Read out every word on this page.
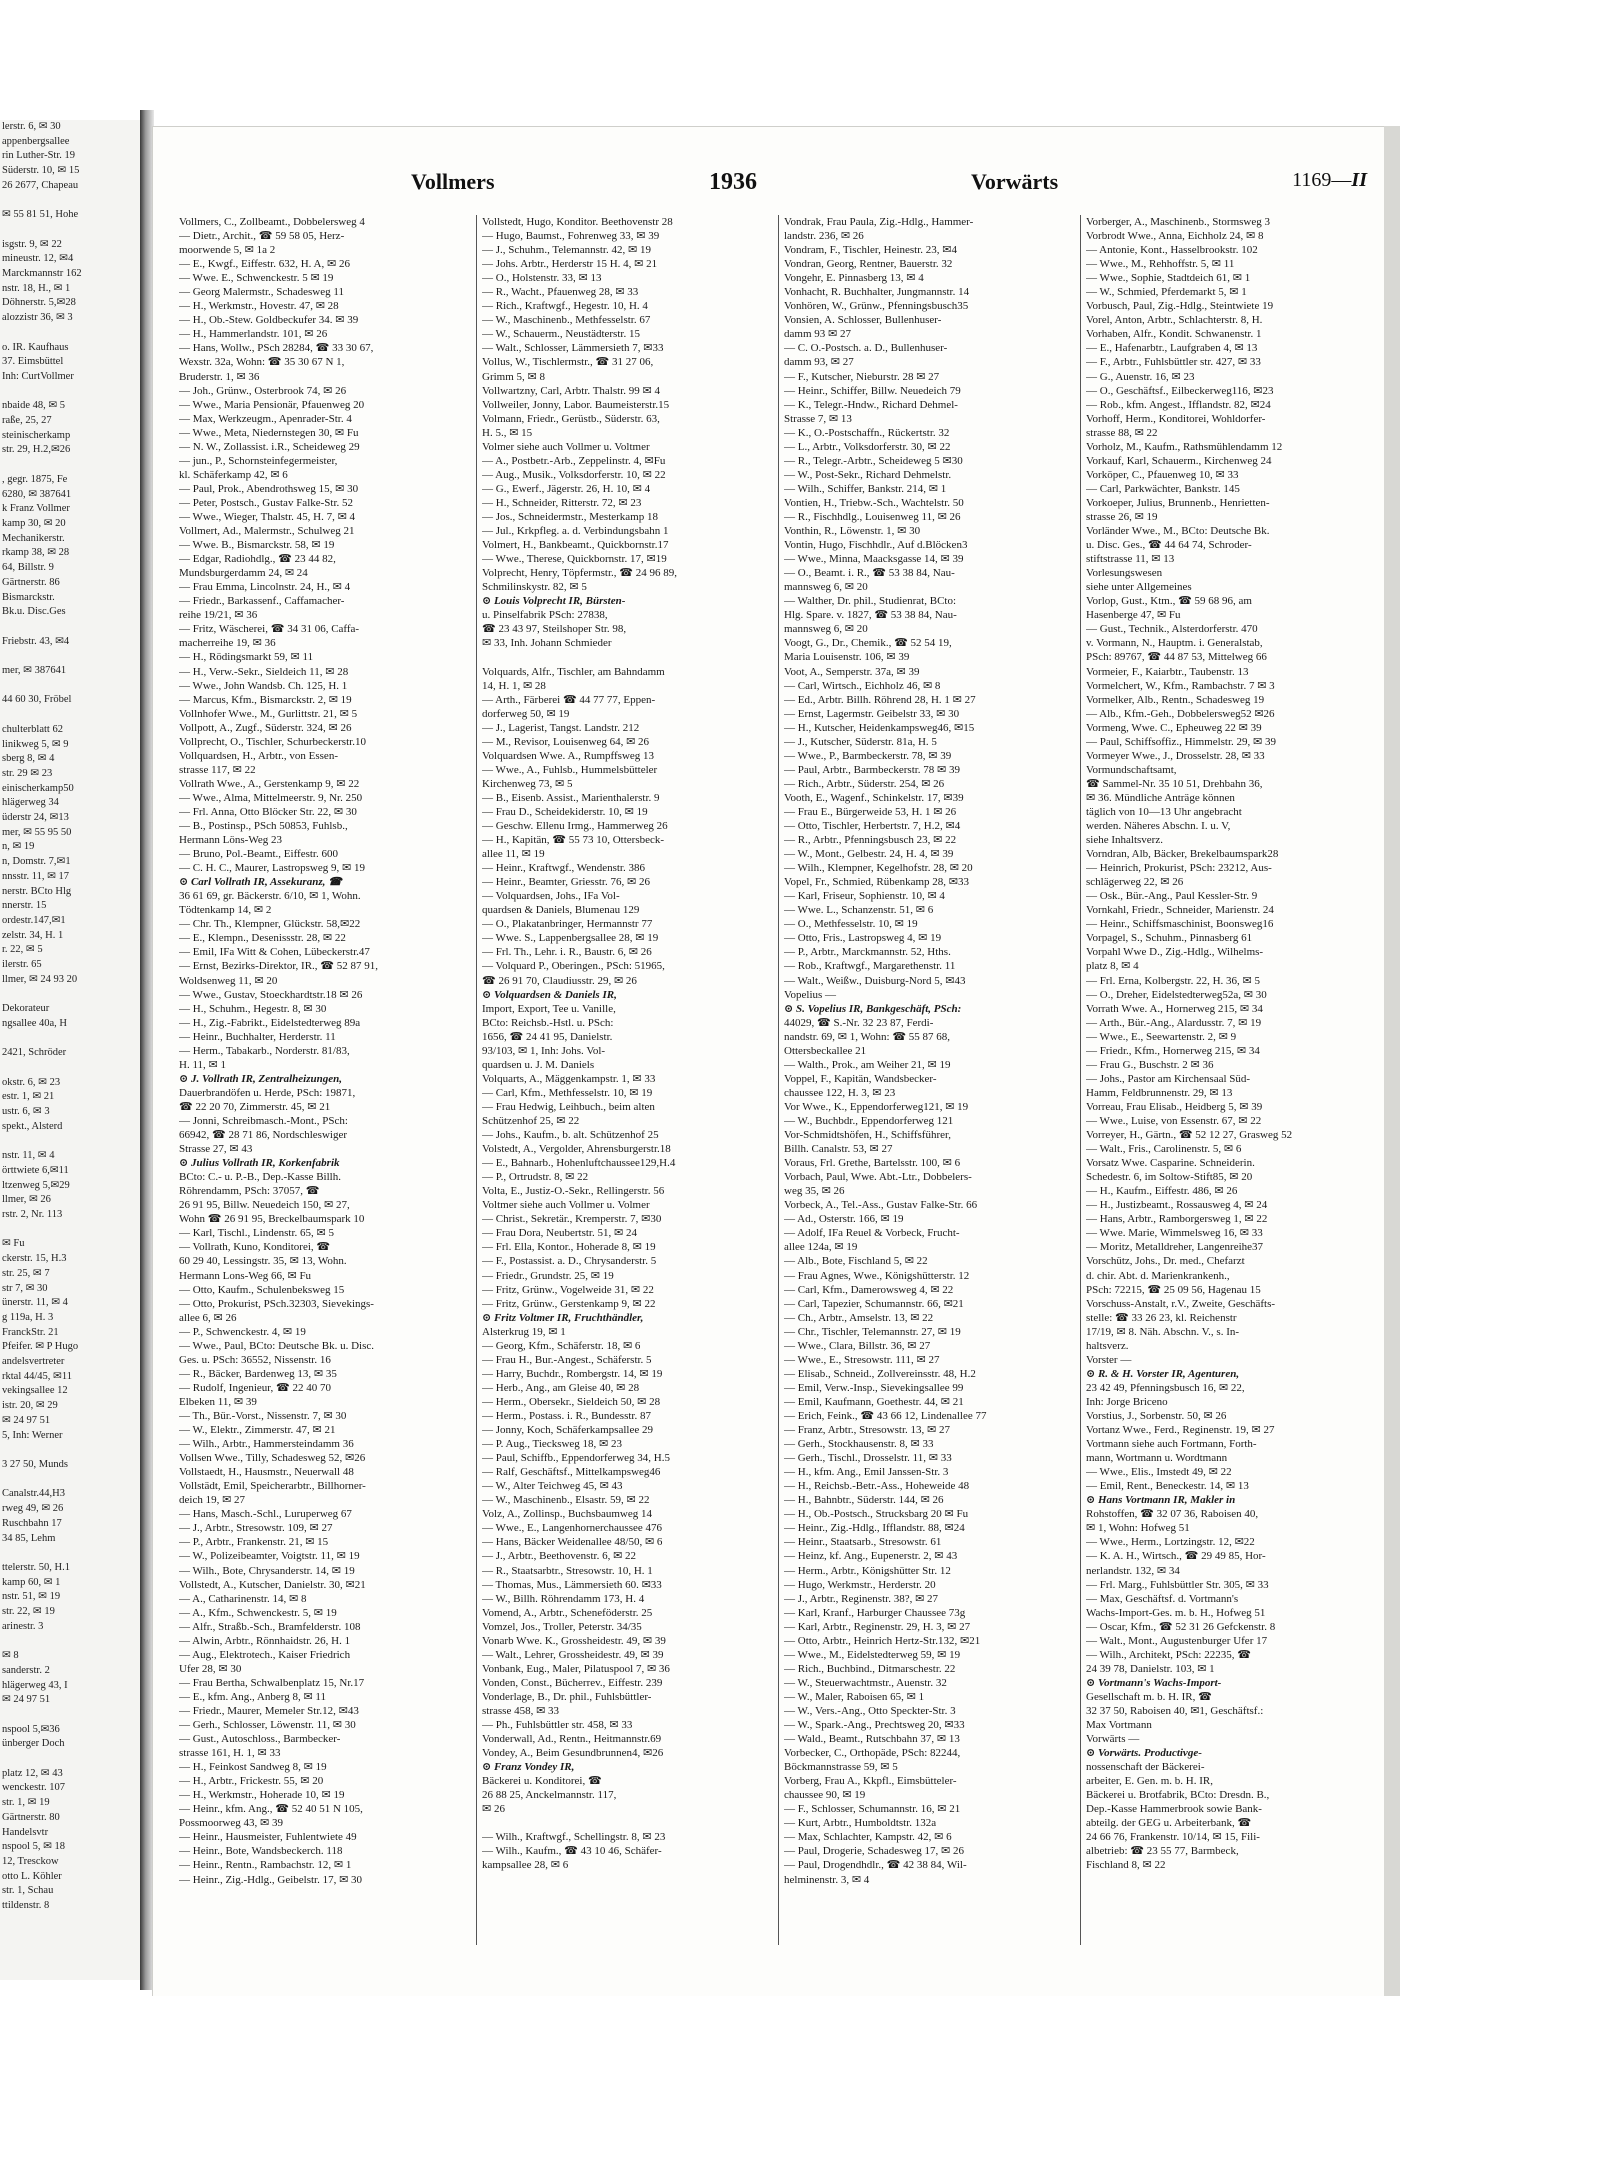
lerstr. 6, ✉ 30
appenbergsallee
rin Luther-Str. 19
Süderstr. 10, ✉ 15
26 2677, Chapeau

✉ 55 81 51, Hohe

isgstr. 9, ✉ 22
mineustr. 12, ✉4
Marckmannstr 162
nstr. 18, H., ✉ 1
Döhnerstr. 5,✉28
alozzistr 36, ✉ 3

o. IR. Kaufhaus
37. Eimsbüttel
Inh: CurtVollmer

nbaide 48, ✉ 5
raße, 25, 27
steinischerkamp
str. 29, H.2,✉26

, gegr. 1875, Fe
6280, ✉ 387641
k Franz Vollmer
kamp 30, ✉ 20
Mechanikerstr.
rkamp 38, ✉ 28
64, Billstr. 9
Gärtnerstr. 86
Bismarckstr.
Bk.u. Disc.Ges

Friebstr. 43, ✉4

mer, ✉ 387641

44 60 30, Fröbel

chulterblatt 62
linikweg 5, ✉ 9
sberg 8, ✉ 4
str. 29 ✉ 23
einischerkamp50
hlägerweg 34
üderstr 24, ✉13
mer, ✉ 55 95 50
n, ✉ 19
n, Domstr. 7,✉1
nnsstr. 11, ✉ 17
nerstr. BCto Hlg
nnerstr. 15
ordestr.147,✉1
zelstr. 34, H. 1
r. 22, ✉ 5
ilerstr. 65
llmer, ✉ 24 93 20

Dekorateur
ngsallee 40a, H

2421, Schröder

okstr. 6, ✉ 23
estr. 1, ✉ 21
ustr. 6, ✉ 3
spekt., Alsterd

nstr. 11, ✉ 4
örttwiete 6,✉11
ltzenweg 5,✉29
llmer, ✉ 26
rstr. 2, Nr. 113

✉ Fu
ckerstr. 15, H.3
str. 25, ✉ 7
str 7, ✉ 30
ünerstr. 11, ✉ 4
g 119a, H. 3
FranckStr. 21
Pfeifer. ✉ P Hugo
andelsvertreter
rktal 44/45, ✉11
vekingsallee 12
istr. 20, ✉ 29
✉ 24 97 51
5, Inh: Werner

3 27 50, Munds

Canalstr.44,H3
rweg 49, ✉ 26
Ruschbahn 17
34 85, Lehm

ttelerstr. 50, H.1
kamp 60, ✉ 1
nstr. 51, ✉ 19
str. 22, ✉ 19
arinestr. 3

✉ 8
sanderstr. 2
hlägerweg 43, I
✉ 24 97 51

nspool 5,✉36
ünberger Doch

platz 12, ✉ 43
wenckestr. 107
str. 1, ✉ 19
Gärtnerstr. 80
Handelsvtr
nspool 5, ✉ 18
12, Tresckow
otto L. Köhler
str. 1, Schau
ttildenstr. 8
Vollmers	1936	Vorwärts	1169—II
Vollmers, C., Zollbeamt., Dobbelersweg 4
— Dietr., Archit., ☎ 59 58 05, Herz-
moorwende 5, ✉ 1a 2
— E., Kwgf., Eiffestr. 632, H. A, ✉ 26
— Wwe. E., Schwenckestr. 5 ✉ 19
— Georg Malermstr., Schadesweg 11
— H., Werkmstr., Hovestr. 47, ✉ 28
— H., Ob.-Stew. Goldbeckufer 34. ✉ 39
— H., Hammerlandstr. 101, ✉ 26
— Hans, Wollw., PSch 28284, ☎ 33 30 67,
Wexstr. 32a, Wohn: ☎ 35 30 67 N 1,
Bruderstr. 1, ✉ 36
— Joh., Grünw., Osterbrook 74, ✉ 26
— Wwe., Maria Pensionär, Pfauenweg 20
— Max, Werkzeugm., Apenrader-Str. 4
— Wwe., Meta, Niedernstegen 30, ✉ Fu
— N. W., Zollassist. i.R., Scheideweg 29
— jun., P., Schornsteinfegermeister,
kl. Schäferkamp 42, ✉ 6
— Paul, Prok., Abendrothsweg 15, ✉ 30
— Peter, Postsch., Gustav Falke-Str. 52
— Wwe., Wieger, Thalstr. 45, H. 7, ✉ 4
Vollmert, Ad., Malermstr., Schulweg 21
— Wwe. B., Bismarckstr. 58, ✉ 19
— Edgar, Radiohdlg., ☎ 23 44 82,
Mundsburgerdamm 24, ✉ 24
— Frau Emma, Lincolnstr. 24, H., ✉ 4
— Friedr., Barkassenf., Caffamacher-
reihe 19/21, ✉ 36
— Fritz, Wäscherei, ☎ 34 31 06, Caffa-
macherreihe 19, ✉ 36
— H., Rödingsmarkt 59, ✉ 11
— H., Verw.-Sekr., Sieldeich 11, ✉ 28
— Wwe., John Wandsb. Ch. 125, H. 1
— Marcus, Kfm., Bismarckstr. 2, ✉ 19
Vollnhofer Wwe., M., Gurlittstr. 21, ✉ 5
Vollpott, A., Zugf., Süderstr. 324, ✉ 26
Vollprecht, O., Tischler, Schurbeckerstr.10
Vollquardsen, H., Arbtr., von Essen-
strasse 117, ✉ 22
Vollrath Wwe., A., Gerstenkamp 9, ✉ 22
— Wwe., Alma, Mittelmeerstr. 9, Nr. 250
— Frl. Anna, Otto Blöcker Str. 22, ✉ 30
— B., Postinsp., PSch 50853, Fuhlsb.,
Hermann Löns-Weg 23
— Bruno, Pol.-Beamt., Eiffestr. 600
— C. H. C., Maurer, Lastropsweg 9, ✉ 19
⊙ Carl Vollrath IR, Assekuranz, ☎
36 61 69, gr. Bäckerstr. 6/10, ✉ 1, Wohn.
Tödtenkamp 14, ✉ 2
— Chr. Th., Klempner, Glückstr. 58,✉22
— E., Klempn., Desenissstr. 28, ✉ 22
— Emil, IFa Witt & Cohen, Lübeckerstr.47
— Ernst, Bezirks-Direktor, IR., ☎ 52 87 91,
Woldsenweg 11, ✉ 20
— Wwe., Gustav, Stoeckhardtstr.18 ✉ 26
— H., Schuhm., Hegestr. 8, ✉ 30
— H., Zig.-Fabrikt., Eidelstedterweg 89a
— Heinr., Buchhalter, Herderstr. 11
— Herm., Tabakarb., Norderstr. 81/83,
H. 11, ✉ 1
⊙ J. Vollrath IR, Zentralheizungen,
Dauerbrandöfen u. Herde, PSch: 19871,
☎ 22 20 70, Zimmerstr. 45, ✉ 21
— Jonni, Schreibmasch.-Mont., PSch:
66942, ☎ 28 71 86, Nordschleswiger
Strasse 27, ✉ 43
⊙ Julius Vollrath IR, Korkenfabrik
BCto: C.- u. P.-B., Dep.-Kasse Billh.
Röhrendamm, PSch: 37057, ☎
26 91 95, Billw. Neuedeich 150, ✉ 27,
Wohn ☎ 26 91 95, Breckelbaumspark 10
— Karl, Tischl., Lindenstr. 65, ✉ 5
— Vollrath, Kuno, Konditorei, ☎
60 29 40, Lessingstr. 35, ✉ 13, Wohn.
Hermann Lons-Weg 66, ✉ Fu
— Otto, Kaufm., Schulenbeksweg 15
— Otto, Prokurist, PSch.32303, Sievekings-
allee 6, ✉ 26
— P., Schwenckestr. 4, ✉ 19
— Wwe., Paul, BCto: Deutsche Bk. u. Disc.
Ges. u. PSch: 36552, Nissenstr. 16
— R., Bäcker, Bardenweg 13, ✉ 35
— Rudolf, Ingenieur, ☎ 22 40 70
Elbeken 11, ✉ 39
— Th., Bür.-Vorst., Nissenstr. 7, ✉ 30
— W., Elektr., Zimmerstr. 47, ✉ 21
— Wilh., Arbtr., Hammersteindamm 36
Vollsen Wwe., Tilly, Schadesweg 52, ✉26
Vollstaedt, H., Hausmstr., Neuerwall 48
Vollstädt, Emil, Speicherarbtr., Billhorner-
deich 19, ✉ 27
— Hans, Masch.-Schl., Luruperweg 67
— J., Arbtr., Stresowstr. 109, ✉ 27
— P., Arbtr., Frankenstr. 21, ✉ 15
— W., Polizeibeamter, Voigtstr. 11, ✉ 19
— Wilh., Bote, Chrysanderstr. 14, ✉ 19
Vollstedt, A., Kutscher, Danielstr. 30, ✉21
— A., Catharinenstr. 14, ✉ 8
— A., Kfm., Schwenckestr. 5, ✉ 19
— Alfr., Straßb.-Sch., Bramfelderstr. 108
— Alwin, Arbtr., Rönnhaidstr. 26, H. 1
— Aug., Elektrotech., Kaiser Friedrich
Ufer 28, ✉ 30
— Frau Bertha, Schwalbenplatz 15, Nr.17
— E., kfm. Ang., Anberg 8, ✉ 11
— Friedr., Maurer, Memeler Str.12, ✉43
— Gerh., Schlosser, Löwenstr. 11, ✉ 30
— Gust., Autoschloss., Barmbecker-
strasse 161, H. 1, ✉ 33
— H., Feinkost Sandweg 8, ✉ 19
— H., Arbtr., Frickestr. 55, ✉ 20
— H., Werkmstr., Hoherade 10, ✉ 19
— Heinr., kfm. Ang., ☎ 52 40 51 N 105,
Possmoorweg 43, ✉ 39
— Heinr., Hausmeister, Fuhlentwiete 49
— Heinr., Bote, Wandsbeckerch. 118
— Heinr., Rentn., Rambachstr. 12, ✉ 1
— Heinr., Zig.-Hdlg., Geibelstr. 17, ✉ 30
Vollstedt, Hugo, Konditor. Beethovenstr 28
— Hugo, Baumst., Fohrenweg 33, ✉ 39
— J., Schuhm., Telemannstr. 42, ✉ 19
— Johs. Arbtr., Herderstr 15 H. 4, ✉ 21
— O., Holstenstr. 33, ✉ 13
— R., Wacht., Pfauenweg 28, ✉ 33
— Rich., Kraftwgf., Hegestr. 10, H. 4
— W., Maschinenb., Methfesselstr. 67
— W., Schauerm., Neustädterstr. 15
— Walt., Schlosser, Lämmersieth 7, ✉33
Vollus, W., Tischlermstr., ☎ 31 27 06,
Grimm 5, ✉ 8
Vollwartzny, Carl, Arbtr. Thalstr. 99 ✉ 4
Vollweiler, Jonny, Labor. Baumeisterstr.15
Volmann, Friedr., Gerüstb., Süderstr. 63,
H. 5., ✉ 15
Volmer siehe auch Vollmer u. Voltmer
— A., Postbetr.-Arb., Zeppelinstr. 4, ✉Fu
— Aug., Musik., Volksdorferstr. 10, ✉ 22
— G., Ewerf., Jägerstr. 26, H. 10, ✉ 4
— H., Schneider, Ritterstr. 72, ✉ 23
— Jos., Schneidermstr., Mesterkamp 18
— Jul., Krkpfleg. a. d. Verbindungsbahn 1
Volmert, H., Bankbeamt., Quickbornstr.17
— Wwe., Therese, Quickbornstr. 17, ✉19
Volprecht, Henry, Töpfermstr., ☎ 24 96 89,
Schmilinskystr. 82, ✉ 5
⊙ Louis Volprecht IR, Bürsten-
u. Pinselfabrik PSch: 27838,
☎ 23 43 97, Steilshoper Str. 98,
✉ 33, Inh. Johann Schmieder

Volquards, Alfr., Tischler, am Bahndamm
14, H. 1, ✉ 28
— Arth., Färberei ☎ 44 77 77, Eppen-
dorferweg 50, ✉ 19
— J., Lagerist, Tangst. Landstr. 212
— M., Revisor, Louisenweg 64, ✉ 26
Volquardsen Wwe. A., Rumpffsweg 13
— Wwe., A., Fuhlsb., Hummelsbütteler
Kirchenweg 73, ✉ 5
— B., Eisenb. Assist., Marienthalerstr. 9
— Frau D., Scheidekiderstr. 10, ✉ 19
— Geschw. Ellenu Irmg., Hammerweg 26
— H., Kapitän, ☎ 55 73 10, Ottersbeck-
allee 11, ✉ 19
— Heinr., Kraftwgf., Wendenstr. 386
— Heinr., Beamter, Griesstr. 76, ✉ 26
— Volquardsen, Johs., IFa Vol-
quardsen & Daniels, Blumenau 129
— O., Plakatanbringer, Hermannstr 77
— Wwe. S., Lappenbergsallee 28, ✉ 19
— Frl. Th., Lehr. i. R., Baustr. 6, ✉ 26
— Volquard P., Oberingen., PSch: 51965,
☎ 26 91 70, Claudiusstr. 29, ✉ 26
⊙ Volquardsen & Daniels IR,
Import, Export, Tee u. Vanille,
BCto: Reichsb.-Hstl. u. PSch:
1656, ☎ 24 41 95, Danielstr.
93/103, ✉ 1, Inh: Johs. Vol-
quardsen u. J. M. Daniels
Volquarts, A., Mäggenkampstr. 1, ✉ 33
— Carl, Kfm., Methfesselstr. 10, ✉ 19
— Frau Hedwig, Leihbuch., beim alten
Schützenhof 25, ✉ 22
— Johs., Kaufm., b. alt. Schützenhof 25
Volstedt, A., Vergolder, Ahrensburgerstr.18
— E., Bahnarb., Hohenluftchaussee129,H.4
— P., Ortrudstr. 8, ✉ 22
Volta, E., Justiz-O.-Sekr., Rellingerstr. 56
Voltmer siehe auch Vollmer u. Volmer
— Christ., Sekretär., Kremperstr. 7, ✉30
— Frau Dora, Neubertstr. 51, ✉ 24
— Frl. Ella, Kontor., Hoherade 8, ✉ 19
— F., Postassist. a. D., Chrysanderstr. 5
— Friedr., Grundstr. 25, ✉ 19
— Fritz, Grünw., Vogelweide 31, ✉ 22
— Fritz, Grünw., Gerstenkamp 9, ✉ 22
⊙ Fritz Voltmer IR, Fruchthändler,
Alsterkrug 19, ✉ 1
— Georg, Kfm., Schäferstr. 18, ✉ 6
— Frau H., Bur.-Angest., Schäferstr. 5
— Harry, Buchdr., Rombergstr. 14, ✉ 19
— Herb., Ang., am Gleise 40, ✉ 28
— Herm., Obersekr., Sieldeich 50, ✉ 28
— Herm., Postass. i. R., Bundesstr. 87
— Jonny, Koch, Schäferkampsallee 29
— P. Aug., Tiecksweg 18, ✉ 23
— Paul, Schiffb., Eppendorferweg 34, H.5
— Ralf, Geschäftsf., Mittelkampsweg46
— W., Alter Teichweg 45, ✉ 43
— W., Maschinenb., Elsastr. 59, ✉ 22
Volz, A., Zollinsp., Buchsbaumweg 14
— Wwe., E., Langenhornerchaussee 476
— Hans, Bäcker Weidenallee 48/50, ✉ 6
— J., Arbtr., Beethovenstr. 6, ✉ 22
— R., Staatsarbtr., Stresowstr. 10, H. 1
— Thomas, Mus., Lämmersieth 60. ✉33
— W., Billh. Röhrendamm 173, H. 4
Vomend, A., Arbtr., Scheneföderstr. 25
Vomzel, Jos., Troller, Peterstr. 34/35
Vonarb Wwe. K., Grossheidestr. 49, ✉ 39
— Walt., Lehrer, Grossheidestr. 49, ✉ 39
Vonbank, Eug., Maler, Pilatuspool 7, ✉ 36
Vonden, Const., Bücherrev., Eiffestr. 239
Vonderlage, B., Dr. phil., Fuhlsbüttler-
strasse 458, ✉ 33
— Ph., Fuhlsbüttler str. 458, ✉ 33
Vonderwall, Ad., Rentn., Heitmannstr.69
Vondey, A., Beim Gesundbrunnen4, ✉26
⊙ Franz Vondey IR,
Bäckerei u. Konditorei, ☎
26 88 25, Anckelmannstr. 117,
✉ 26

— Wilh., Kraftwgf., Schellingstr. 8, ✉ 23
— Wilh., Kaufm., ☎ 43 10 46, Schäfer-
kampsallee 28, ✉ 6
Vondrak, Frau Paula, Zig.-Hdlg., Hammer-
landstr. 236, ✉ 26
Vondram, F., Tischler, Heinestr. 23, ✉4
Vondran, Georg, Rentner, Bauerstr. 32
Vongehr, E. Pinnasberg 13, ✉ 4
Vonhacht, R. Buchhalter, Jungmannstr. 14
Vonhören, W., Grünw., Pfenningsbusch35
Vonsien, A. Schlosser, Bullenhuser-
damm 93 ✉ 27
— C. O.-Postsch. a. D., Bullenhuser-
damm 93, ✉ 27
— F., Kutscher, Nieburstr. 28 ✉ 27
— Heinr., Schiffer, Billw. Neuedeich 79
— K., Telegr.-Hndw., Richard Dehmel-
Strasse 7, ✉ 13
— K., O.-Postschaffn., Rückertstr. 32
— L., Arbtr., Volksdorferstr. 30, ✉ 22
— R., Telegr.-Arbtr., Scheideweg 5 ✉30
— W., Post-Sekr., Richard Dehmelstr.
— Wilh., Schiffer, Bankstr. 214, ✉ 1
Vontien, H., Triebw.-Sch., Wachtelstr. 50
— R., Fischhdlg., Louisenweg 11, ✉ 26
Vonthin, R., Löwenstr. 1, ✉ 30
Vontin, Hugo, Fischhdlr., Auf d.Blöcken3
— Wwe., Minna, Maacksgasse 14, ✉ 39
— O., Beamt. i. R., ☎ 53 38 84, Nau-
mannsweg 6, ✉ 20
— Walther, Dr. phil., Studienrat, BCto:
Hlg. Spare. v. 1827, ☎ 53 38 84, Nau-
mannsweg 6, ✉ 20
Voogt, G., Dr., Chemik., ☎ 52 54 19,
Maria Louisenstr. 106, ✉ 39
Voot, A., Semperstr. 37a, ✉ 39
— Carl, Wirtsch., Eichholz 46, ✉ 8
— Ed., Arbtr. Billh. Röhrend 28, H. 1 ✉ 27
— Ernst, Lagermstr. Geibelstr 33, ✉ 30
— H., Kutscher, Heidenkampsweg46, ✉15
— J., Kutscher, Süderstr. 81a, H. 5
— Wwe., P., Barmbeckerstr. 78, ✉ 39
— Paul, Arbtr., Barmbeckerstr. 78 ✉ 39
— Rich., Arbtr., Süderstr. 254, ✉ 26
Vooth, E., Wagenf., Schinkelstr. 17, ✉39
— Frau E., Bürgerweide 53, H. 1 ✉ 26
— Otto, Tischler, Herbertstr. 7, H.2, ✉4
— R., Arbtr., Pfenningsbusch 23, ✉ 22
— W., Mont., Gelbestr. 24, H. 4, ✉ 39
— Wilh., Klempner, Kegelhofstr. 28, ✉ 20
Vopel, Fr., Schmied, Rübenkamp 28, ✉33
— Karl, Friseur, Sophienstr. 10, ✉ 4
— Wwe. L., Schanzenstr. 51, ✉ 6
— O., Methfesselstr. 10, ✉ 19
— Otto, Fris., Lastropsweg 4, ✉ 19
— P., Arbtr., Marckmannstr. 52, Hths.
— Rob., Kraftwgf., Margarethenstr. 11
— Walt., Weißw., Duisburg-Nord 5, ✉43
Vopelius —
⊙ S. Vopelius IR, Bankgeschäft, PSch:
44029, ☎ S.-Nr. 32 23 87, Ferdi-
nandstr. 69, ✉ 1, Wohn: ☎ 55 87 68,
Ottersbeckallee 21
— Walth., Prok., am Weiher 21, ✉ 19
Voppel, F., Kapitän, Wandsbecker-
chaussee 122, H. 3, ✉ 23
Vor Wwe., K., Eppendorferweg121, ✉ 19
— W., Buchbdr., Eppendorferweg 121
Vor-Schmidtshöfen, H., Schiffsführer,
Billh. Canalstr. 53, ✉ 27
Voraus, Frl. Grethe, Bartelsstr. 100, ✉ 6
Vorbach, Paul, Wwe. Abt.-Ltr., Dobbelers-
weg 35, ✉ 26
Vorbeck, A., Tel.-Ass., Gustav Falke-Str. 66
— Ad., Osterstr. 166, ✉ 19
— Adolf, IFa Reuel & Vorbeck, Frucht-
allee 124a, ✉ 19
— Alb., Bote, Fischland 5, ✉ 22
— Frau Agnes, Wwe., Königshütterstr. 12
— Carl, Kfm., Damerowsweg 4, ✉ 22
— Carl, Tapezier, Schumannstr. 66, ✉21
— Ch., Arbtr., Amselstr. 13, ✉ 22
— Chr., Tischler, Telemannstr. 27, ✉ 19
— Wwe., Clara, Billstr. 36, ✉ 27
— Wwe., E., Stresowstr. 111, ✉ 27
— Elisab., Schneid., Zollvereinsstr. 48, H.2
— Emil, Verw.-Insp., Sievekingsallee 99
— Emil, Kaufmann, Goethestr. 44, ✉ 21
— Erich, Feink., ☎ 43 66 12, Lindenallee 77
— Franz, Arbtr., Stresowstr. 13, ✉ 27
— Gerh., Stockhausenstr. 8, ✉ 33
— Gerh., Tischl., Drosselstr. 11, ✉ 33
— H., kfm. Ang., Emil Janssen-Str. 3
— H., Reichsb.-Betr.-Ass., Hoheweide 48
— H., Bahnbtr., Süderstr. 144, ✉ 26
— H., Ob.-Postsch., Strucksbarg 20 ✉ Fu
— Heinr., Zig.-Hdlg., Ifflandstr. 88, ✉24
— Heinr., Staatsarb., Stresowstr. 61
— Heinz, kf. Ang., Eupenerstr. 2, ✉ 43
— Herm., Arbtr., Königshütter Str. 12
— Hugo, Werkmstr., Herderstr. 20
— J., Arbtr., Reginenstr. 38?, ✉ 27
— Karl, Kranf., Harburger Chaussee 73g
— Karl, Arbtr., Reginenstr. 29, H. 3, ✉ 27
— Otto, Arbtr., Heinrich Hertz-Str.132, ✉21
— Wwe., M., Eidelstedterweg 59, ✉ 19
— Rich., Buchbind., Ditmarschestr. 22
— W., Steuerwachtmstr., Auenstr. 32
— W., Maler, Raboisen 65, ✉ 1
— W., Vers.-Ang., Otto Speckter-Str. 3
— W., Spark.-Ang., Prechtsweg 20, ✉33
— Wald., Beamt., Rutschbahn 37, ✉ 13
Vorbecker, C., Orthopäde, PSch: 82244,
Böckmannstrasse 59, ✉ 5
Vorberg, Frau A., Kkpfl., Eimsbütteler-
chaussee 90, ✉ 19
— F., Schlosser, Schumannstr. 16, ✉ 21
— Kurt, Arbtr., Humboldtstr. 132a
— Max, Schlachter, Kampstr. 42, ✉ 6
— Paul, Drogerie, Schadesweg 17, ✉ 26
— Paul, Drogendhdlr., ☎ 42 38 84, Wil-
helminenstr. 3, ✉ 4
Vorberger, A., Maschinenb., Stormsweg 3
Vorbrodt Wwe., Anna, Eichholz 24, ✉ 8
— Antonie, Kont., Hasselbrookstr. 102
— Wwe., M., Rehhoffstr. 5, ✉ 11
— Wwe., Sophie, Stadtdeich 61, ✉ 1
— W., Schmied, Pferdemarkt 5, ✉ 1
Vorbusch, Paul, Zig.-Hdlg., Steintwiete 19
Vorel, Anton, Arbtr., Schlachterstr. 8, H.
Vorhaben, Alfr., Kondit. Schwanenstr. 1
— E., Hafenarbtr., Laufgraben 4, ✉ 13
— F., Arbtr., Fuhlsbüttler str. 427, ✉ 33
— G., Auenstr. 16, ✉ 23
— O., Geschäftsf., Eilbeckerweg116, ✉23
— Rob., kfm. Angest., Ifflandstr. 82, ✉24
Vorhoff, Herm., Konditorei, Wohldorfer-
strasse 88, ✉ 22
Vorholz, M., Kaufm., Rathsmühlendamm 12
Vorkauf, Karl, Schauerm., Kirchenweg 24
Vorköper, C., Pfauenweg 10, ✉ 33
— Carl, Parkwächter, Bankstr. 145
Vorkoeper, Julius, Brunnenb., Henrietten-
strasse 26, ✉ 19
Vorländer Wwe., M., BCto: Deutsche Bk.
u. Disc. Ges., ☎ 44 64 74, Schroder-
stiftstrasse 11, ✉ 13
Vorlesungswesen
siehe unter Allgemeines
Vorlop, Gust., Ktm., ☎ 59 68 96, am
Hasenberge 47, ✉ Fu
— Gust., Technik., Alsterdorferstr. 470
v. Vormann, N., Hauptm. i. Generalstab,
PSch: 89767, ☎ 44 87 53, Mittelweg 66
Vormeier, F., Kaiarbtr., Taubenstr. 13
Vormelchert, W., Kfm., Rambachstr. 7 ✉ 3
Vormelker, Alb., Rentn., Schadesweg 19
— Alb., Kfm.-Geh., Dobbelersweg52 ✉26
Vormeng, Wwe. C., Epheuweg 22 ✉ 39
— Paul, Schiffsoffiz., Himmelstr. 29, ✉ 39
Vormeyer Wwe., J., Drosselstr. 28, ✉ 33
Vormundschaftsamt,
☎ Sammel-Nr. 35 10 51, Drehbahn 36,
✉ 36. Mündliche Anträge können
täglich von 10—13 Uhr angebracht
werden. Näheres Abschn. I. u. V,
siehe Inhaltsverz.
Vorndran, Alb, Bäcker, Brekelbaumspark28
— Heinrich, Prokurist, PSch: 23212, Aus-
schlägerweg 22, ✉ 26
— Osk., Bür.-Ang., Paul Kessler-Str. 9
Vornkahl, Friedr., Schneider, Marienstr. 24
— Heinr., Schiffsmaschinist, Boonsweg16
Vorpagel, S., Schuhm., Pinnasberg 61
Vorpahl Wwe D., Zig.-Hdlg., Wilhelms-
platz 8, ✉ 4
— Frl. Erna, Kolbergstr. 22, H. 36, ✉ 5
— O., Dreher, Eidelstedterweg52a, ✉ 30
Vorrath Wwe. A., Hornerweg 215, ✉ 34
— Arth., Bür.-Ang., Alardusstr. 7, ✉ 19
— Wwe., E., Seewartenstr. 2, ✉ 9
— Friedr., Kfm., Hornerweg 215, ✉ 34
— Frau G., Buschstr. 2 ✉ 36
— Johs., Pastor am Kirchensaal Süd-
Hamm, Feldbrunnenstr. 29, ✉ 13
Vorreau, Frau Elisab., Heidberg 5, ✉ 39
— Wwe., Luise, von Essenstr. 67, ✉ 22
Vorreyer, H., Gärtn., ☎ 52 12 27, Grasweg 52
— Walt., Fris., Carolinenstr. 5, ✉ 6
Vorsatz Wwe. Casparine. Schneiderin.
Schedestr. 6, im Soltow-Stift85, ✉ 20
— H., Kaufm., Eiffestr. 486, ✉ 26
— H., Justizbeamt., Rossausweg 4, ✉ 24
— Hans, Arbtr., Ramborgersweg 1, ✉ 22
— Wwe. Marie, Wimmelsweg 16, ✉ 33
— Moritz, Metalldreher, Langenreihe37
Vorschütz, Johs., Dr. med., Chefarzt
d. chir. Abt. d. Marienkrankenh.,
PSch: 72215, ☎ 25 09 56, Hagenau 15
Vorschuss-Anstalt, r.V., Zweite, Geschäfts-
stelle: ☎ 33 26 23, kl. Reichenstr
17/19, ✉ 8. Näh. Abschn. V., s. In-
haltsverz.
Vorster —
⊙ R. & H. Vorster IR, Agenturen,
23 42 49, Pfenningsbusch 16, ✉ 22,
Inh: Jorge Briceno
Vorstius, J., Sorbenstr. 50, ✉ 26
Vortanz Wwe., Ferd., Reginenstr. 19, ✉ 27
Vortmann siehe auch Fortmann, Forth-
mann, Wortmann u. Wordtmann
— Wwe., Elis., Imstedt 49, ✉ 22
— Emil, Rent., Beneckestr. 14, ✉ 13
⊙ Hans Vortmann IR, Makler in
Rohstoffen, ☎ 32 07 36, Raboisen 40,
✉ 1, Wohn: Hofweg 51
— Wwe., Herm., Lortzingstr. 12, ✉22
— K. A. H., Wirtsch., ☎ 29 49 85, Hor-
nerlandstr. 132, ✉ 34
— Frl. Marg., Fuhlsbüttler Str. 305, ✉ 33
— Max, Geschäftsf. d. Vortmann's
Wachs-Import-Ges. m. b. H., Hofweg 51
— Oscar, Kfm., ☎ 52 31 26 Gefckenstr. 8
— Walt., Mont., Augustenburger Ufer 17
— Wilh., Architekt, PSch: 22235, ☎
24 39 78, Danielstr. 103, ✉ 1
⊙ Vortmann's Wachs-Import-
Gesellschaft m. b. H. IR, ☎
32 37 50, Raboisen 40, ✉1, Geschäftsf.:
Max Vortmann
Vorwärts —
⊙ Vorwärts. Productivge-
nossenschaft der Bäckerei-
arbeiter, E. Gen. m. b. H. IR,
Bäckerei u. Brotfabrik, BCto: Dresdn. B.,
Dep.-Kasse Hammerbrook sowie Bank-
abteilg. der GEG u. Arbeiterbank, ☎
24 66 76, Frankenstr. 10/14, ✉ 15, Fili-
albetrieb: ☎ 23 55 77, Barmbeck,
Fischland 8, ✉ 22
